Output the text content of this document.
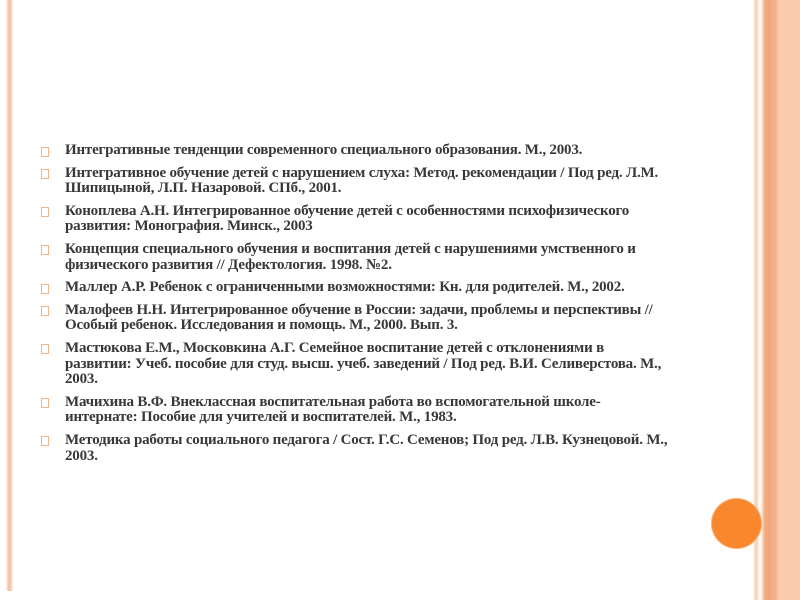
Интегративные тенденции современного специального образования. М., 2003.
Интегративное обучение детей с нарушением слуха: Метод. рекомендации / Под ред. Л.М. Шипицыной, Л.П. Назаровой. СПб., 2001.
Коноплева А.Н. Интегрированное обучение детей с особенностями психофизического развития: Монография. Минск., 2003
Концепция специального обучения и воспитания детей с нарушениями умственного и физического развития // Дефектология. 1998. №2.
Маллер А.Р. Ребенок с ограниченными возможностями: Кн. для родителей. М., 2002.
Малофеев Н.Н. Интегрированное обучение в России: задачи, проблемы и перспективы // Особый ребенок. Исследования и помощь. М., 2000. Вып. 3.
Мастюкова Е.М., Московкина А.Г. Семейное воспитание детей с отклонениями в развитии: Учеб. пособие для студ. высш. учеб. заведений / Под ред. В.И. Селиверстова. М., 2003.
Мачихина В.Ф. Внеклассная воспитательная работа во вспомогательной школе-интернате: Пособие для учителей и воспитателей. М., 1983.
Методика работы социального педагога / Сост. Г.С. Семенов; Под ред. Л.В. Кузнецовой. М., 2003.
